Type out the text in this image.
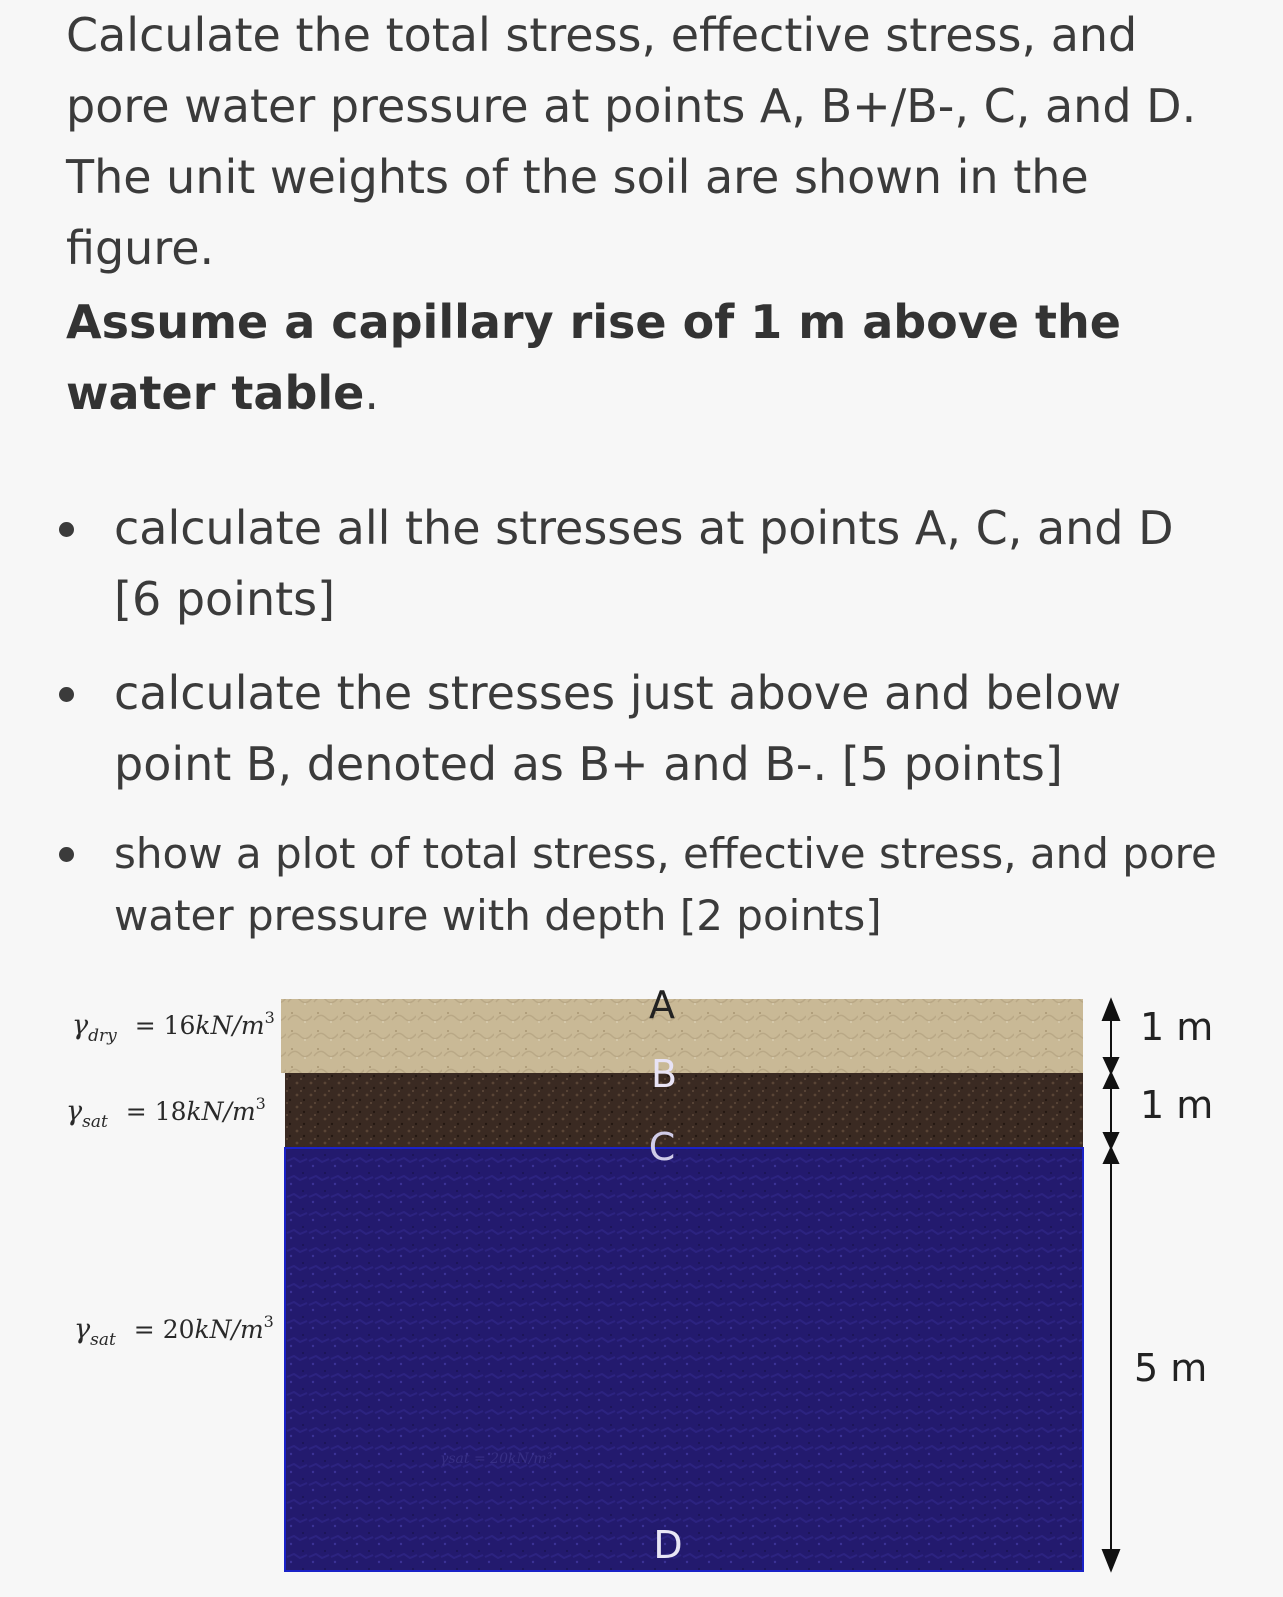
Calculate the total stress, effective stress, and pore water pressure at points A, B+/B-, C, and D. The unit weights of the soil are shown in the figure.

Assume a capillary rise of 1 m above the water table.

calculate all the stresses at points A, C, and D [6 points]
calculate the stresses just above and below point B, denoted as B+ and B-. [5 points]
show a plot of total stress, effective stress, and pore water pressure with depth [2 points]
A
B
C
D
γsat = 20kN/m³
$\gamma_{dry} = 16kN/m^3$
$\gamma_{sat} = 18kN/m^3$
$\gamma_{sat} = 20kN/m^3$
1 m
1 m
5 m
